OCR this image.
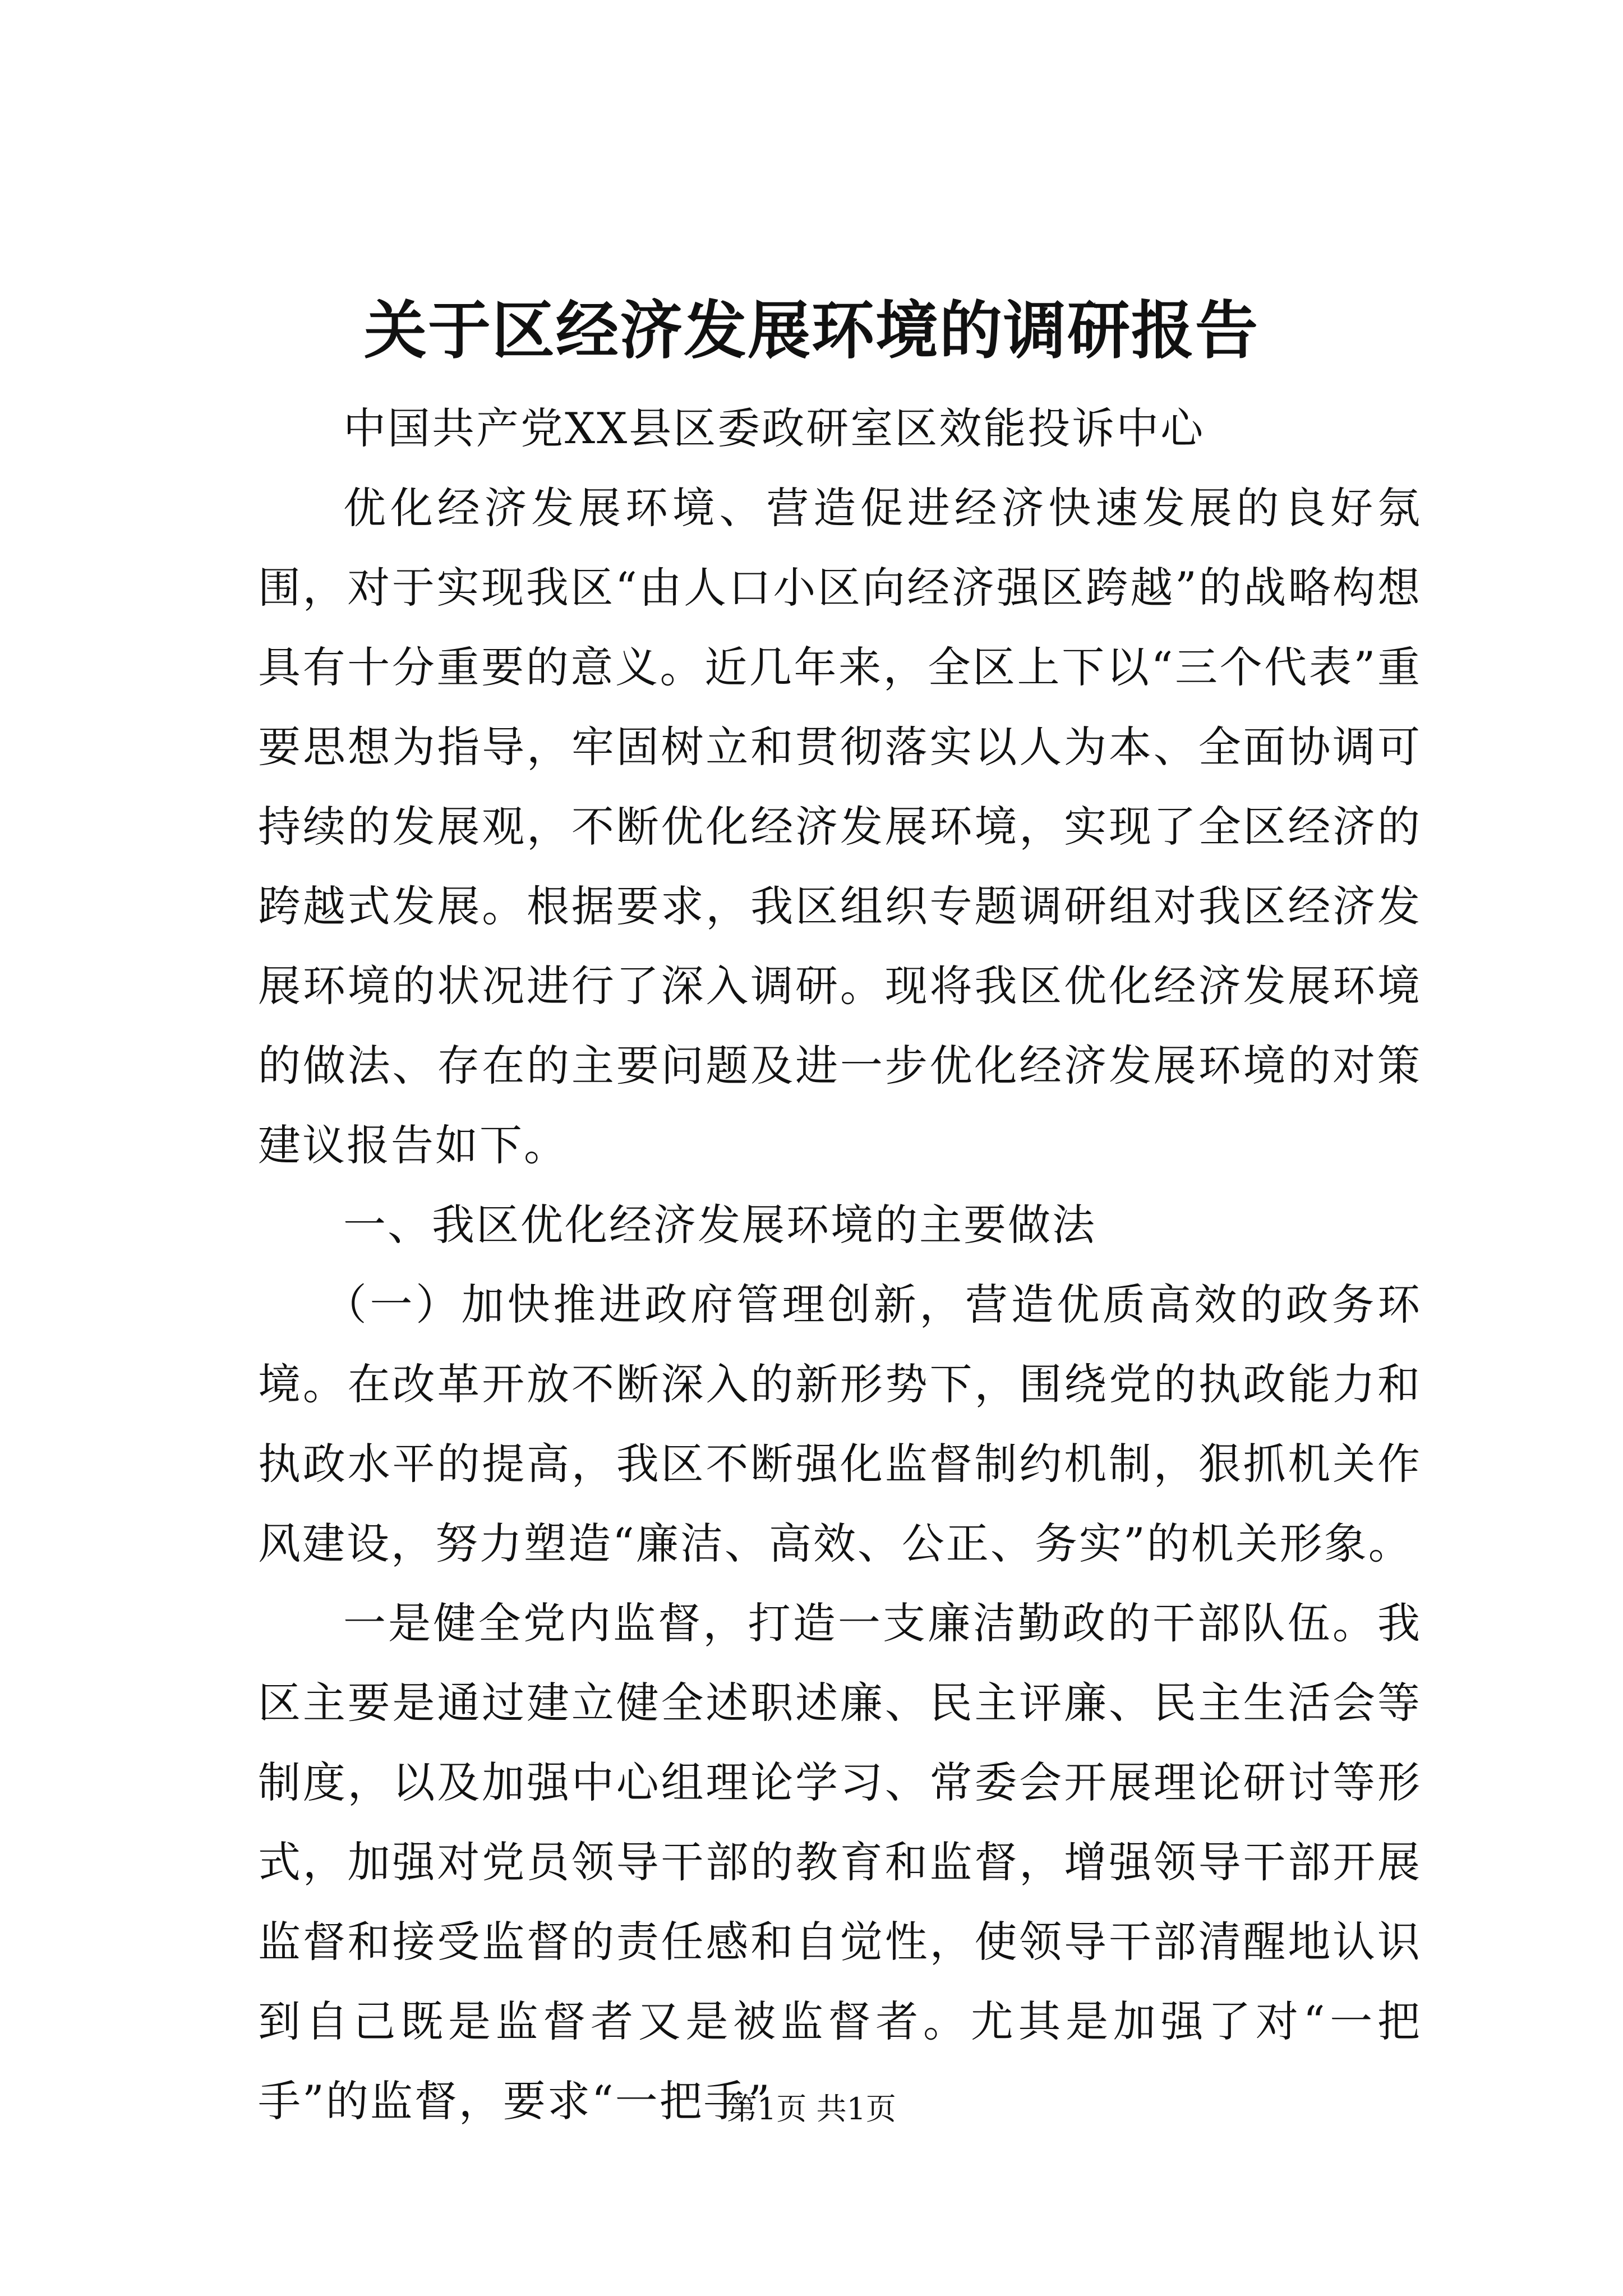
关于区经济发展环境的调研报告

中国共产党XX县区委政研室区效能投诉中心

优化经济发展环境、营造促进经济快速发展的良好氛围，对于实现我区“由人口小区向经济强区跨越”的战略构想具有十分重要的意义。近几年来，全区上下以“三个代表”重要思想为指导，牢固树立和贯彻落实以人为本、全面协调可持续的发展观，不断优化经济发展环境，实现了全区经济的跨越式发展。根据要求，我区组织专题调研组对我区经济发展环境的状况进行了深入调研。现将我区优化经济发展环境的做法、存在的主要问题及进一步优化经济发展环境的对策建议报告如下。

一、我区优化经济发展环境的主要做法

（一）加快推进政府管理创新，营造优质高效的政务环境。在改革开放不断深入的新形势下，围绕党的执政能力和执政水平的提高，我区不断强化监督制约机制，狠抓机关作风建设，努力塑造“廉洁、高效、公正、务实”的机关形象。

一是健全党内监督，打造一支廉洁勤政的干部队伍。我区主要是通过建立健全述职述廉、民主评廉、民主生活会等制度，以及加强中心组理论学习、常委会开展理论研讨等形式，加强对党员领导干部的教育和监督，增强领导干部开展监督和接受监督的责任感和自觉性，使领导干部清醒地认识到自己既是监督者又是被监督者。尤其是加强了对“一把手”的监督，要求“一把手”

第1页 共1页
